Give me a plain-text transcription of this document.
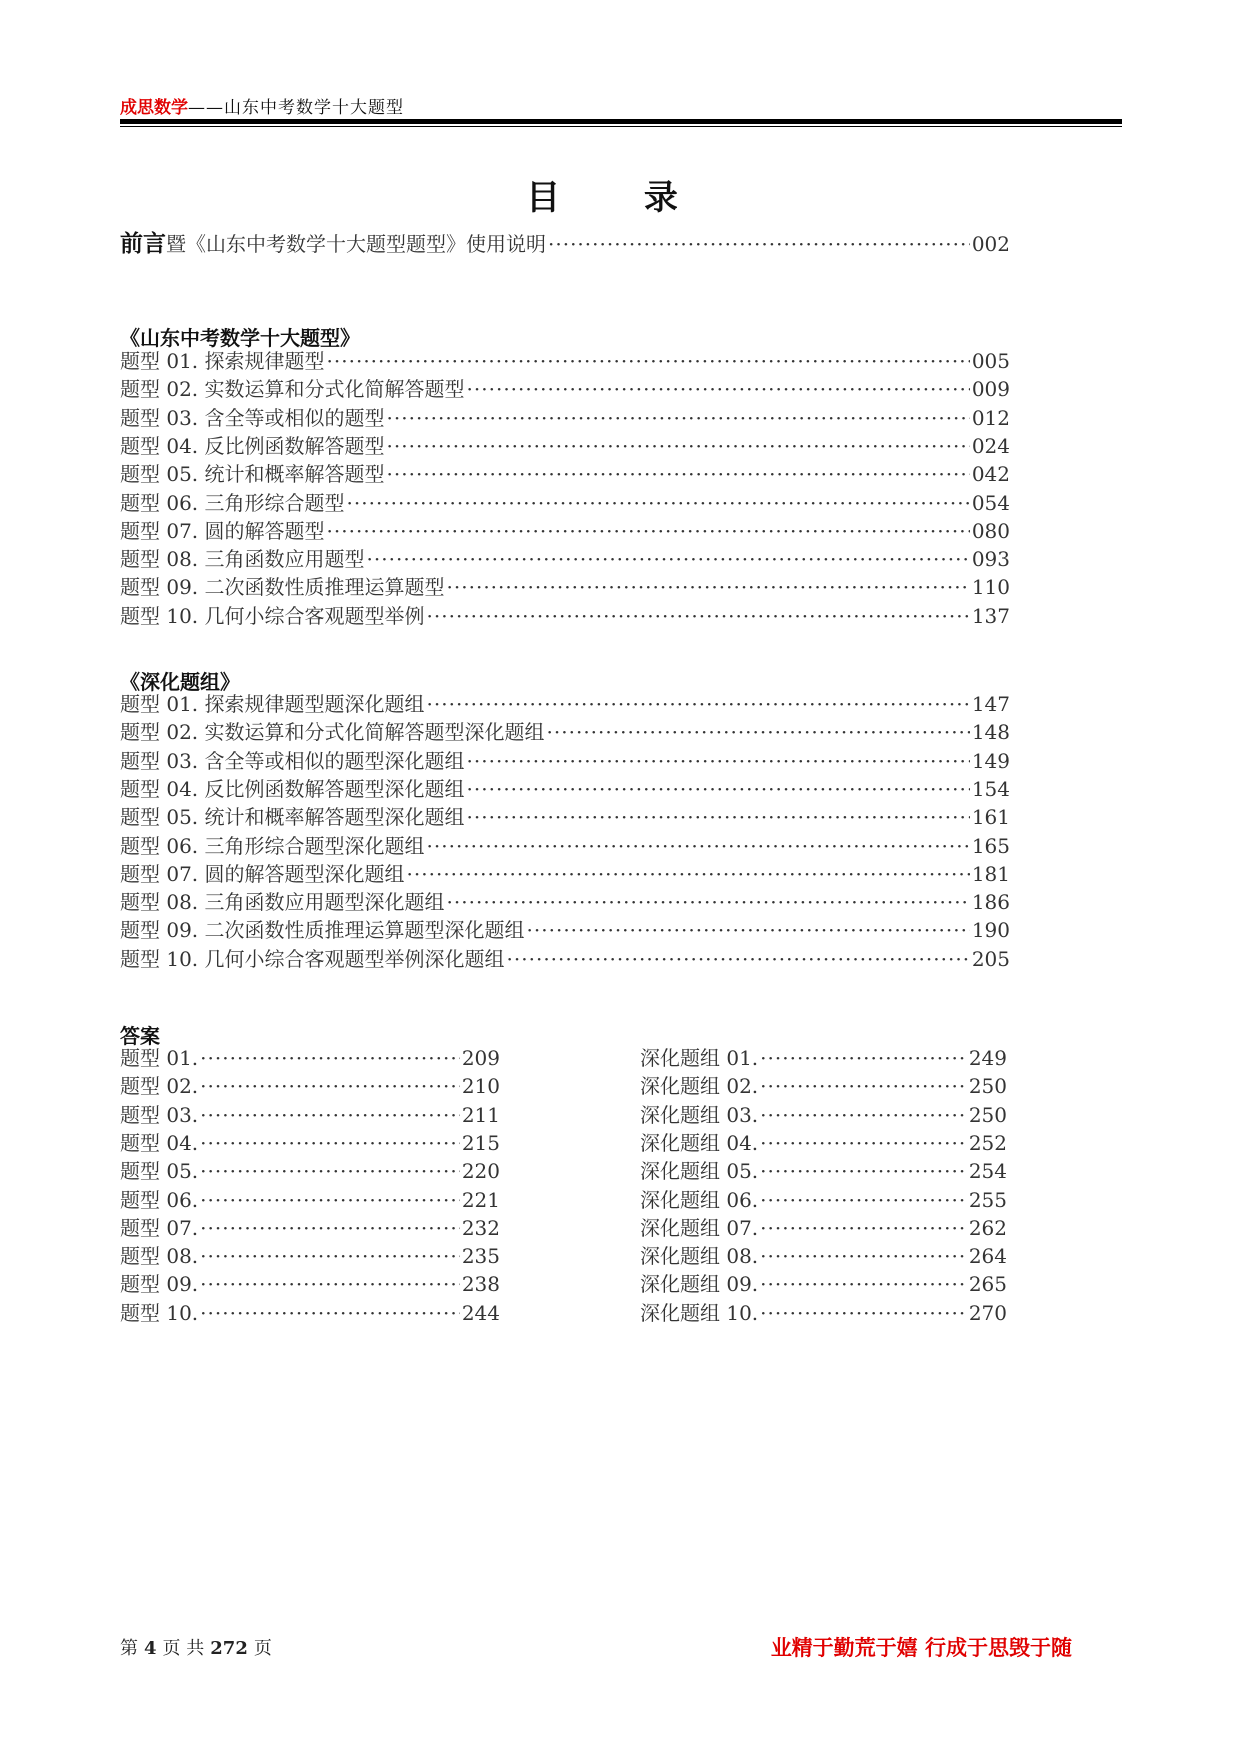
成思数学——山东中考数学十大题型
目 录
前言暨《山东中考数学十大题型题型》使用说明 ·····	002
《山东中考数学十大题型》
题型 01. 探索规律题型 ·····	005
题型 02. 实数运算和分式化简解答题型 ·····	009
题型 03. 含全等或相似的题型 ·····	012
题型 04. 反比例函数解答题型 ·····	024
题型 05. 统计和概率解答题型 ·····	042
题型 06. 三角形综合题型 ·····	054
题型 07. 圆的解答题型 ·····	080
题型 08. 三角函数应用题型 ·····	093
题型 09. 二次函数性质推理运算题型 ·····	110
题型 10. 几何小综合客观题型举例 ·····	137
《深化题组》
题型 01. 探索规律题型题深化题组 ·····	147
题型 02. 实数运算和分式化简解答题型深化题组 ·····	148
题型 03. 含全等或相似的题型深化题组 ·····	149
题型 04. 反比例函数解答题型深化题组 ·····	154
题型 05. 统计和概率解答题型深化题组 ·····	161
题型 06. 三角形综合题型深化题组 ·····	165
题型 07. 圆的解答题型深化题组 ·····	181
题型 08. 三角函数应用题型深化题组 ·····	186
题型 09. 二次函数性质推理运算题型深化题组 ·····	190
题型 10. 几何小综合客观题型举例深化题组 ·····	205
答案
题型 01. ·····	209
题型 02. ·····	210
题型 03. ·····	211
题型 04. ·····	215
题型 05. ·····	220
题型 06. ·····	221
题型 07. ·····	232
题型 08. ·····	235
题型 09. ·····	238
题型 10. ·····	244
深化题组 01. ·····	249
深化题组 02. ·····	250
深化题组 03. ·····	250
深化题组 04. ·····	252
深化题组 05. ·····	254
深化题组 06. ·····	255
深化题组 07. ·····	262
深化题组 08. ·····	264
深化题组 09. ·····	265
深化题组 10. ·····	270
第 4 页 共 272 页	业精于勤荒于嬉 行成于思毁于随
